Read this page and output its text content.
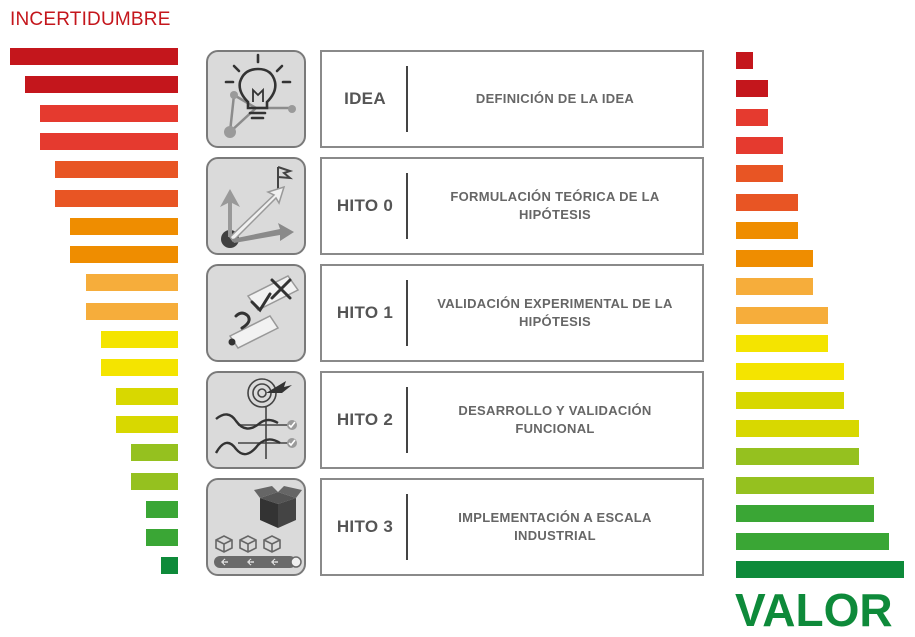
INCERTIDUMBRE
VALOR
IDEA	DEFINICIÓN DE LA IDEA
HITO 0	FORMULACIÓN TEÓRICA DE LA HIPÓTESIS
HITO 1	VALIDACIÓN EXPERIMENTAL DE LA HIPÓTESIS
HITO 2	DESARROLLO Y VALIDACIÓN FUNCIONAL
HITO 3	IMPLEMENTACIÓN A ESCALA INDUSTRIAL
